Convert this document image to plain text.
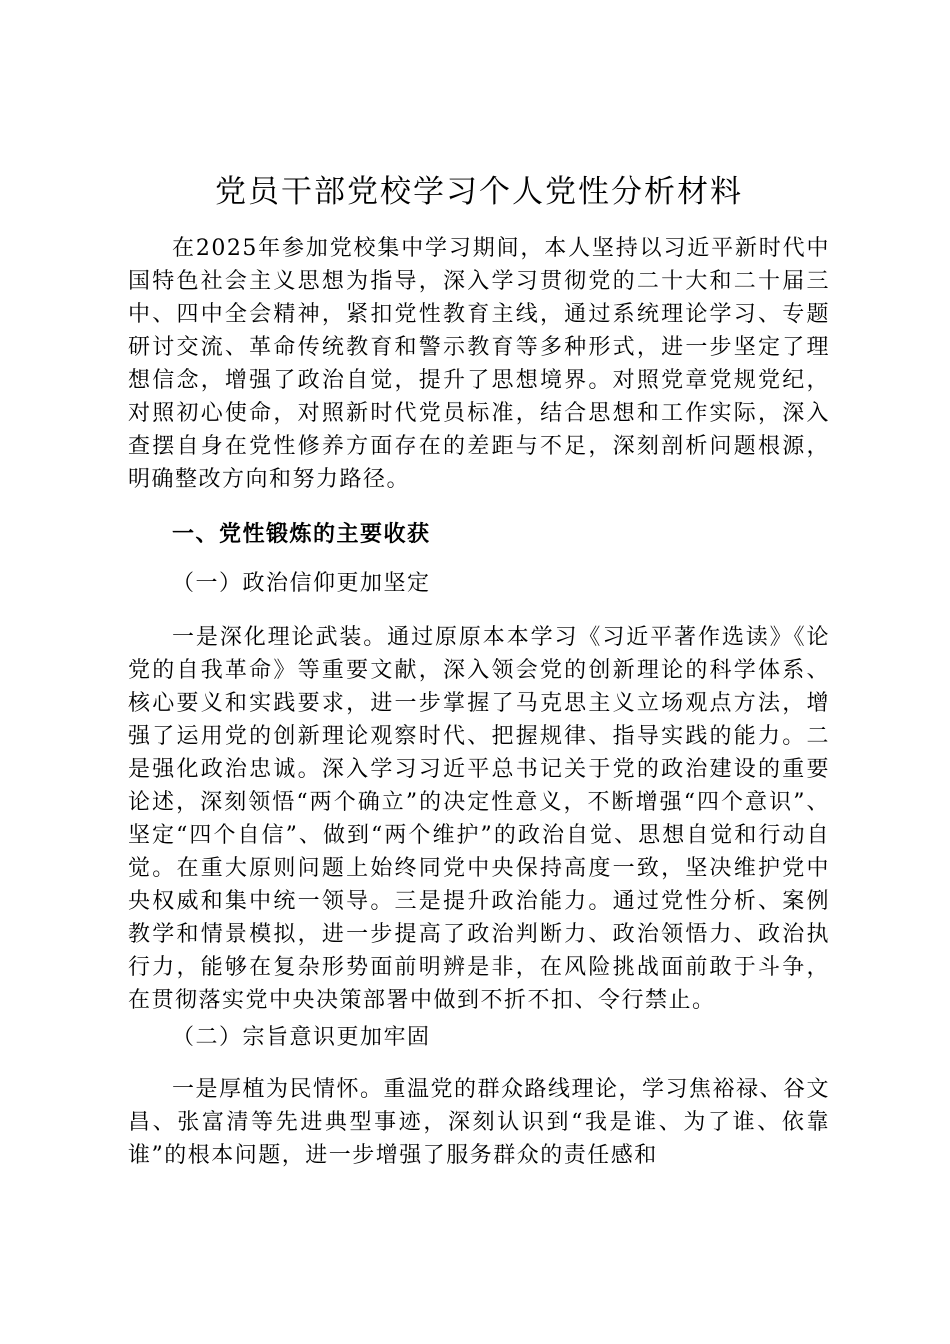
党员干部党校学习个人党性分析材料
在2025年参加党校集中学习期间，本人坚持以习近平新时代中国特色社会主义思想为指导，深入学习贯彻党的二十大和二十届三中、四中全会精神，紧扣党性教育主线，通过系统理论学习、专题研讨交流、革命传统教育和警示教育等多种形式，进一步坚定了理想信念，增强了政治自觉，提升了思想境界。对照党章党规党纪，对照初心使命，对照新时代党员标准，结合思想和工作实际，深入查摆自身在党性修养方面存在的差距与不足，深刻剖析问题根源，明确整改方向和努力路径。
一、党性锻炼的主要收获
（一）政治信仰更加坚定
一是深化理论武装。通过原原本本学习《习近平著作选读》《论党的自我革命》等重要文献，深入领会党的创新理论的科学体系、核心要义和实践要求，进一步掌握了马克思主义立场观点方法，增强了运用党的创新理论观察时代、把握规律、指导实践的能力。二是强化政治忠诚。深入学习习近平总书记关于党的政治建设的重要论述，深刻领悟“两个确立”的决定性意义，不断增强“四个意识”、坚定“四个自信”、做到“两个维护”的政治自觉、思想自觉和行动自觉。在重大原则问题上始终同党中央保持高度一致，坚决维护党中央权威和集中统一领导。三是提升政治能力。通过党性分析、案例教学和情景模拟，进一步提高了政治判断力、政治领悟力、政治执行力，能够在复杂形势面前明辨是非，在风险挑战面前敢于斗争，在贯彻落实党中央决策部署中做到不折不扣、令行禁止。
（二）宗旨意识更加牢固
一是厚植为民情怀。重温党的群众路线理论，学习焦裕禄、谷文昌、张富清等先进典型事迹，深刻认识到“我是谁、为了谁、依靠谁”的根本问题，进一步增强了服务群众的责任感和
